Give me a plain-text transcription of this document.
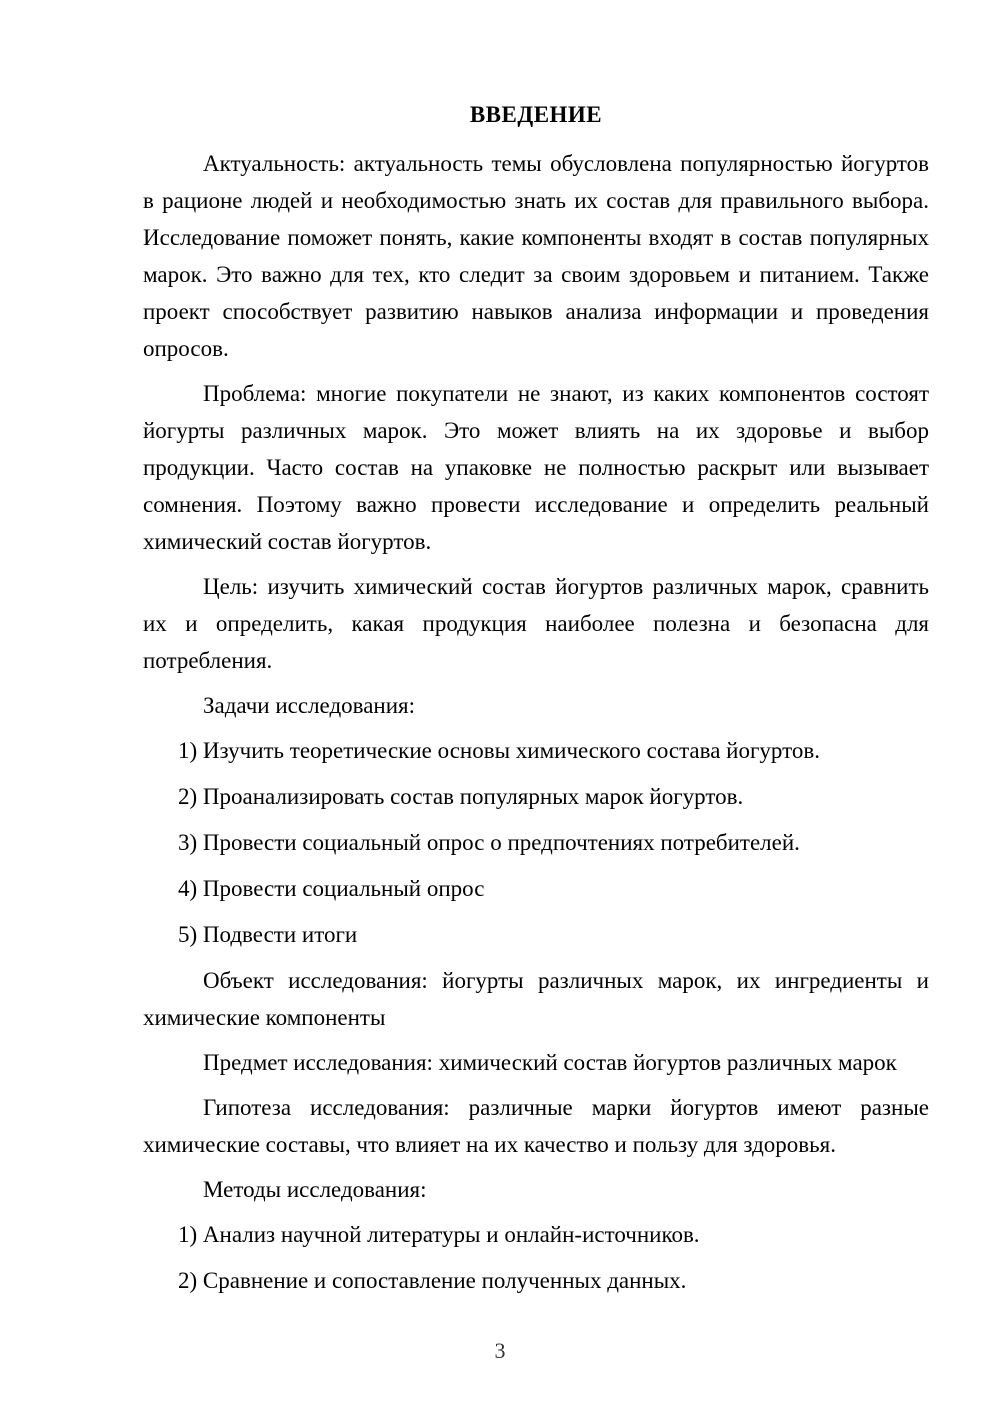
ВВЕДЕНИЕ

Актуальность: актуальность темы обусловлена популярностью йогуртов в рационе людей и необходимостью знать их состав для правильного выбора. Исследование поможет понять, какие компоненты входят в состав популярных марок. Это важно для тех, кто следит за своим здоровьем и питанием. Также проект способствует развитию навыков анализа информации и проведения опросов.

Проблема: многие покупатели не знают, из каких компонентов состоят йогурты различных марок. Это может влиять на их здоровье и выбор продукции. Часто состав на упаковке не полностью раскрыт или вызывает сомнения. Поэтому важно провести исследование и определить реальный химический состав йогуртов.

Цель: изучить химический состав йогуртов различных марок, сравнить их и определить, какая продукция наиболее полезна и безопасна для потребления.

Задачи исследования:

1) Изучить теоретические основы химического состава йогуртов.
2) Проанализировать состав популярных марок йогуртов.
3) Провести социальный опрос о предпочтениях потребителей.
4) Провести социальный опрос
5) Подвести итоги

Объект исследования: йогурты различных марок, их ингредиенты и химические компоненты

Предмет исследования: химический состав йогуртов различных марок

Гипотеза исследования: различные марки йогуртов имеют разные химические составы, что влияет на их качество и пользу для здоровья.

Методы исследования:

1) Анализ научной литературы и онлайн-источников.
2) Сравнение и сопоставление полученных данных.
3
